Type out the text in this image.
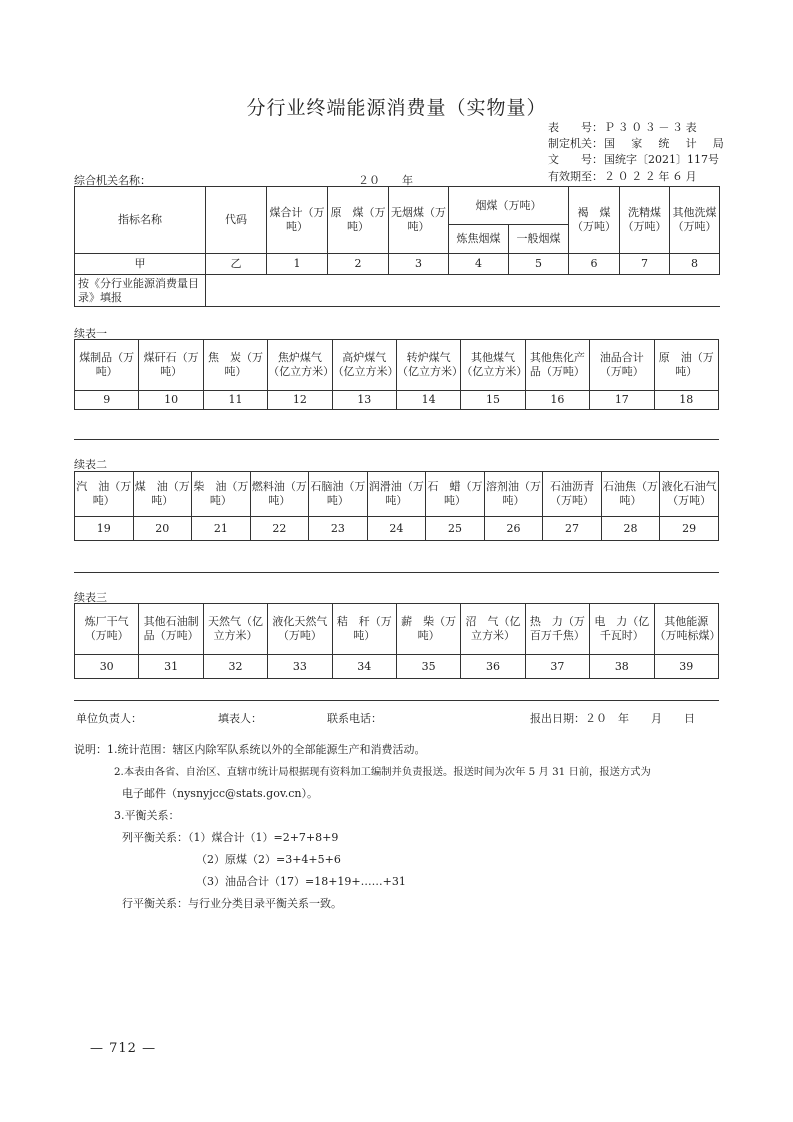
分行业终端能源消费量（实物量）
表　　号：Ｐ３０３－３表
制定机关：国　家　统　计　局
文　　号：国统字〔2021〕117号
有效期至：２０２２年６月
综合机关名称：	２０　　年
指标名称	代码	煤合计（万吨）	原　煤（万吨）	无烟煤（万吨）	烟煤（万吨）		褐　煤（万吨）	洗精煤（万吨）	其他洗煤（万吨）
					炼焦烟煤	一般烟煤			
甲	乙	1	2	3	4	5	6	7	8
按《分行业能源消费量目录》填报									
续表一
煤制品（万吨）	煤矸石（万吨）	焦　炭（万吨）	焦炉煤气（亿立方米）	高炉煤气（亿立方米）	转炉煤气（亿立方米）	其他煤气（亿立方米）	其他焦化产品（万吨）	油品合计（万吨）	原　油（万吨）
9	10	11	12	13	14	15	16	17	18
续表二
汽　油（万吨）	煤　油（万吨）	柴　油（万吨）	燃料油（万吨）	石脑油（万吨）	润滑油（万吨）	石　蜡（万吨）	溶剂油（万吨）	石油沥青（万吨）	石油焦（万吨）	液化石油气（万吨）
19	20	21	22	23	24	25	26	27	28	29
续表三
炼厂干气（万吨）	其他石油制品（万吨）	天然气（亿立方米）	液化天然气（万吨）	秸　秆（万吨）	薪　柴（万吨）	沼　气（亿立方米）	热　力（万百万千焦）	电　力（亿千瓦时）	其他能源（万吨标煤）
30	31	32	33	34	35	36	37	38	39
单位负责人：	填表人：	联系电话：	报出日期：２０　年　　月　　日
说明：1.统计范围：辖区内除军队系统以外的全部能源生产和消费活动。
2.本表由各省、自治区、直辖市统计局根据现有资料加工编制并负责报送。报送时间为次年 5 月 31 日前，报送方式为
电子邮件（nysnyjcc@stats.gov.cn）。
3.平衡关系：
列平衡关系：（1）煤合计（1）=2+7+8+9
（2）原煤（2）=3+4+5+6
（3）油品合计（17）=18+19+……+31
行平衡关系：与行业分类目录平衡关系一致。
— 712 —
